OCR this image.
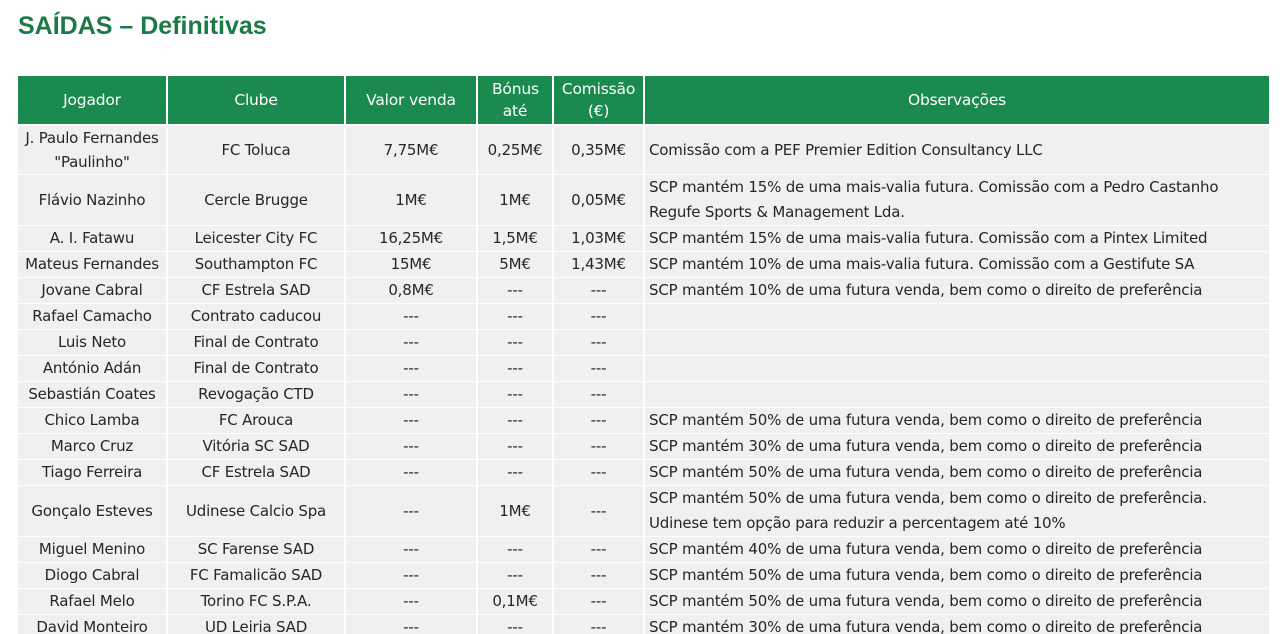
SAÍDAS – Definitivas
Jogador	Clube	Valor venda	Bónus até	Comissão (€)	Observações
J. Paulo Fernandes "Paulinho"	FC Toluca	7,75M€	0,25M€	0,35M€	Comissão com a PEF Premier Edition Consultancy LLC
Flávio Nazinho	Cercle Brugge	1M€	1M€	0,05M€	SCP mantém 15% de uma mais-valia futura. Comissão com a Pedro Castanho Regufe Sports & Management Lda.
A. I. Fatawu	Leicester City FC	16,25M€	1,5M€	1,03M€	SCP mantém 15% de uma mais-valia futura. Comissão com a Pintex Limited
Mateus Fernandes	Southampton FC	15M€	5M€	1,43M€	SCP mantém 10% de uma mais-valia futura. Comissão com a Gestifute SA
Jovane Cabral	CF Estrela SAD	0,8M€	---	---	SCP mantém 10% de uma futura venda, bem como o direito de preferência
Rafael Camacho	Contrato caducou	---	---	---	
Luis Neto	Final de Contrato	---	---	---	
António Adán	Final de Contrato	---	---	---	
Sebastián Coates	Revogação CTD	---	---	---	
Chico Lamba	FC Arouca	---	---	---	SCP mantém 50% de uma futura venda, bem como o direito de preferência
Marco Cruz	Vitória SC SAD	---	---	---	SCP mantém 30% de uma futura venda, bem como o direito de preferência
Tiago Ferreira	CF Estrela SAD	---	---	---	SCP mantém 50% de uma futura venda, bem como o direito de preferência
Gonçalo Esteves	Udinese Calcio Spa	---	1M€	---	SCP mantém 50% de uma futura venda, bem como o direito de preferência. Udinese tem opção para reduzir a percentagem até 10%
Miguel Menino	SC Farense SAD	---	---	---	SCP mantém 40% de uma futura venda, bem como o direito de preferência
Diogo Cabral	FC Famalicão SAD	---	---	---	SCP mantém 50% de uma futura venda, bem como o direito de preferência
Rafael Melo	Torino FC S.P.A.	---	0,1M€	---	SCP mantém 50% de uma futura venda, bem como o direito de preferência
David Monteiro	UD Leiria SAD	---	---	---	SCP mantém 30% de uma futura venda, bem como o direito de preferência
